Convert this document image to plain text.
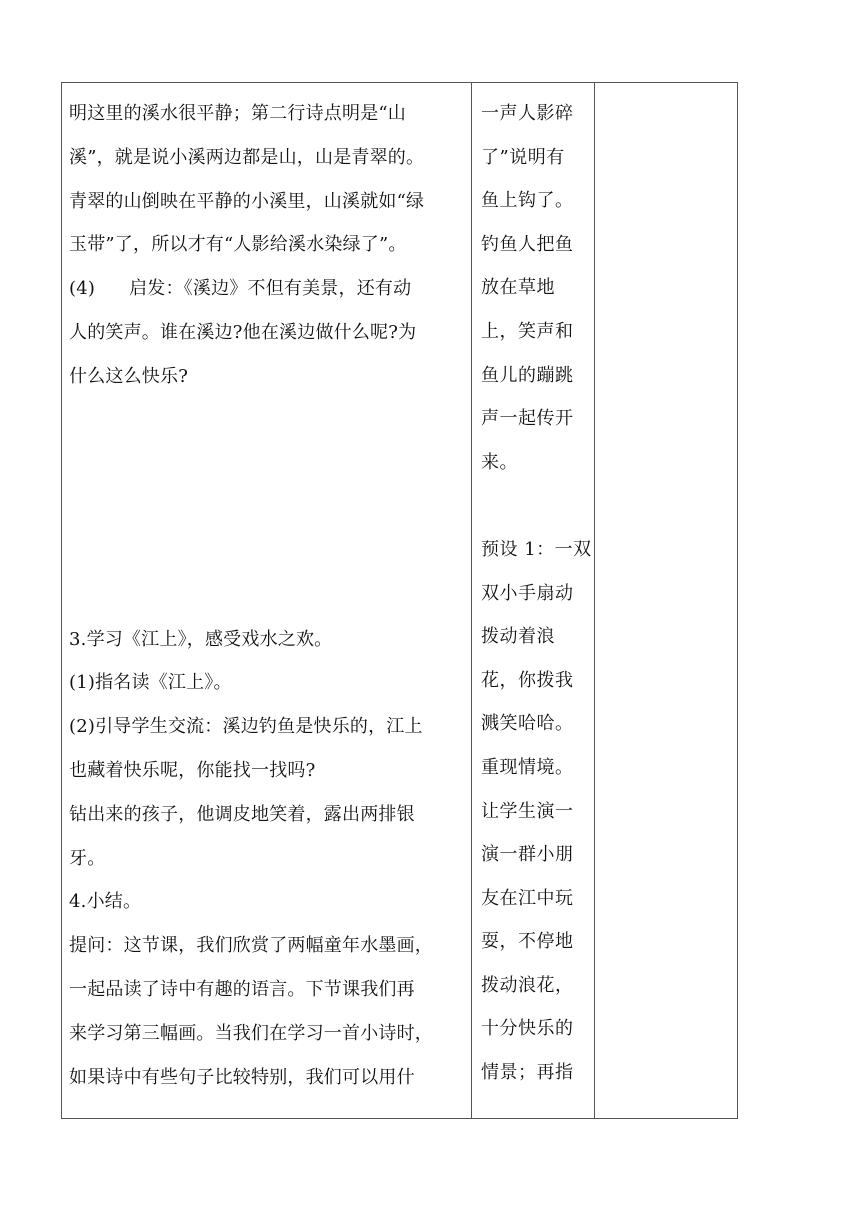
明这里的溪水很平静；第二行诗点明是“山
溪”，就是说小溪两边都是山，山是青翠的。
青翠的山倒映在平静的小溪里，山溪就如“绿
玉带”了，所以才有“人影给溪水染绿了”。
(4) 启发：《溪边》不但有美景，还有动
人的笑声。谁在溪边?他在溪边做什么呢?为
什么这么快乐?
3.学习《江上》，感受戏水之欢。
(1)指名读《江上》。
(2)引导学生交流：溪边钓鱼是快乐的，江上
也藏着快乐呢，你能找一找吗?
钻出来的孩子，他调皮地笑着，露出两排银
牙。
4.小结。
提问：这节课，我们欣赏了两幅童年水墨画，
一起品读了诗中有趣的语言。下节课我们再
来学习第三幅画。当我们在学习一首小诗时，
如果诗中有些句子比较特别，我们可以用什
一声人影碎
了”说明有
鱼上钩了。
钓鱼人把鱼
放在草地
上，笑声和
鱼儿的蹦跳
声一起传开
来。
预设 1：一双
双小手扇动
拨动着浪
花，你拨我
溅笑哈哈。
重现情境。
让学生演一
演一群小朋
友在江中玩
耍，不停地
拨动浪花，
十分快乐的
情景；再指
